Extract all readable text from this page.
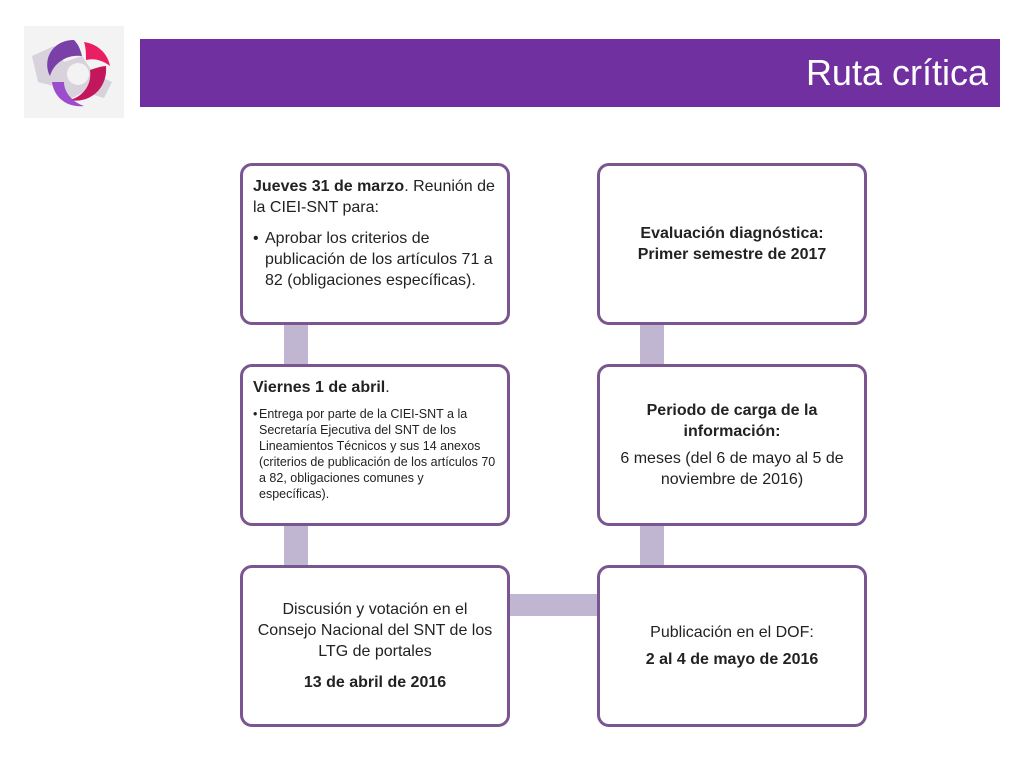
Ruta crítica

Jueves 31 de marzo. Reunión de la CIEI-SNT para:

• Aprobar los criterios de publicación de los artículos 71 a 82 (obligaciones específicas).

Viernes 1 de abril.

• Entrega por parte de la CIEI-SNT a la Secretaría Ejecutiva del SNT de los Lineamientos Técnicos y sus 14 anexos (criterios de publicación de los artículos 70 a 82, obligaciones comunes y específicas).

Discusión y votación en el Consejo Nacional del SNT de los LTG de portales

13 de abril de 2016

Publicación en el DOF:

2 al 4 de mayo de 2016

Periodo de carga de la información:

6 meses (del 6 de mayo al 5 de noviembre de 2016)

Evaluación diagnóstica: Primer semestre de 2017
